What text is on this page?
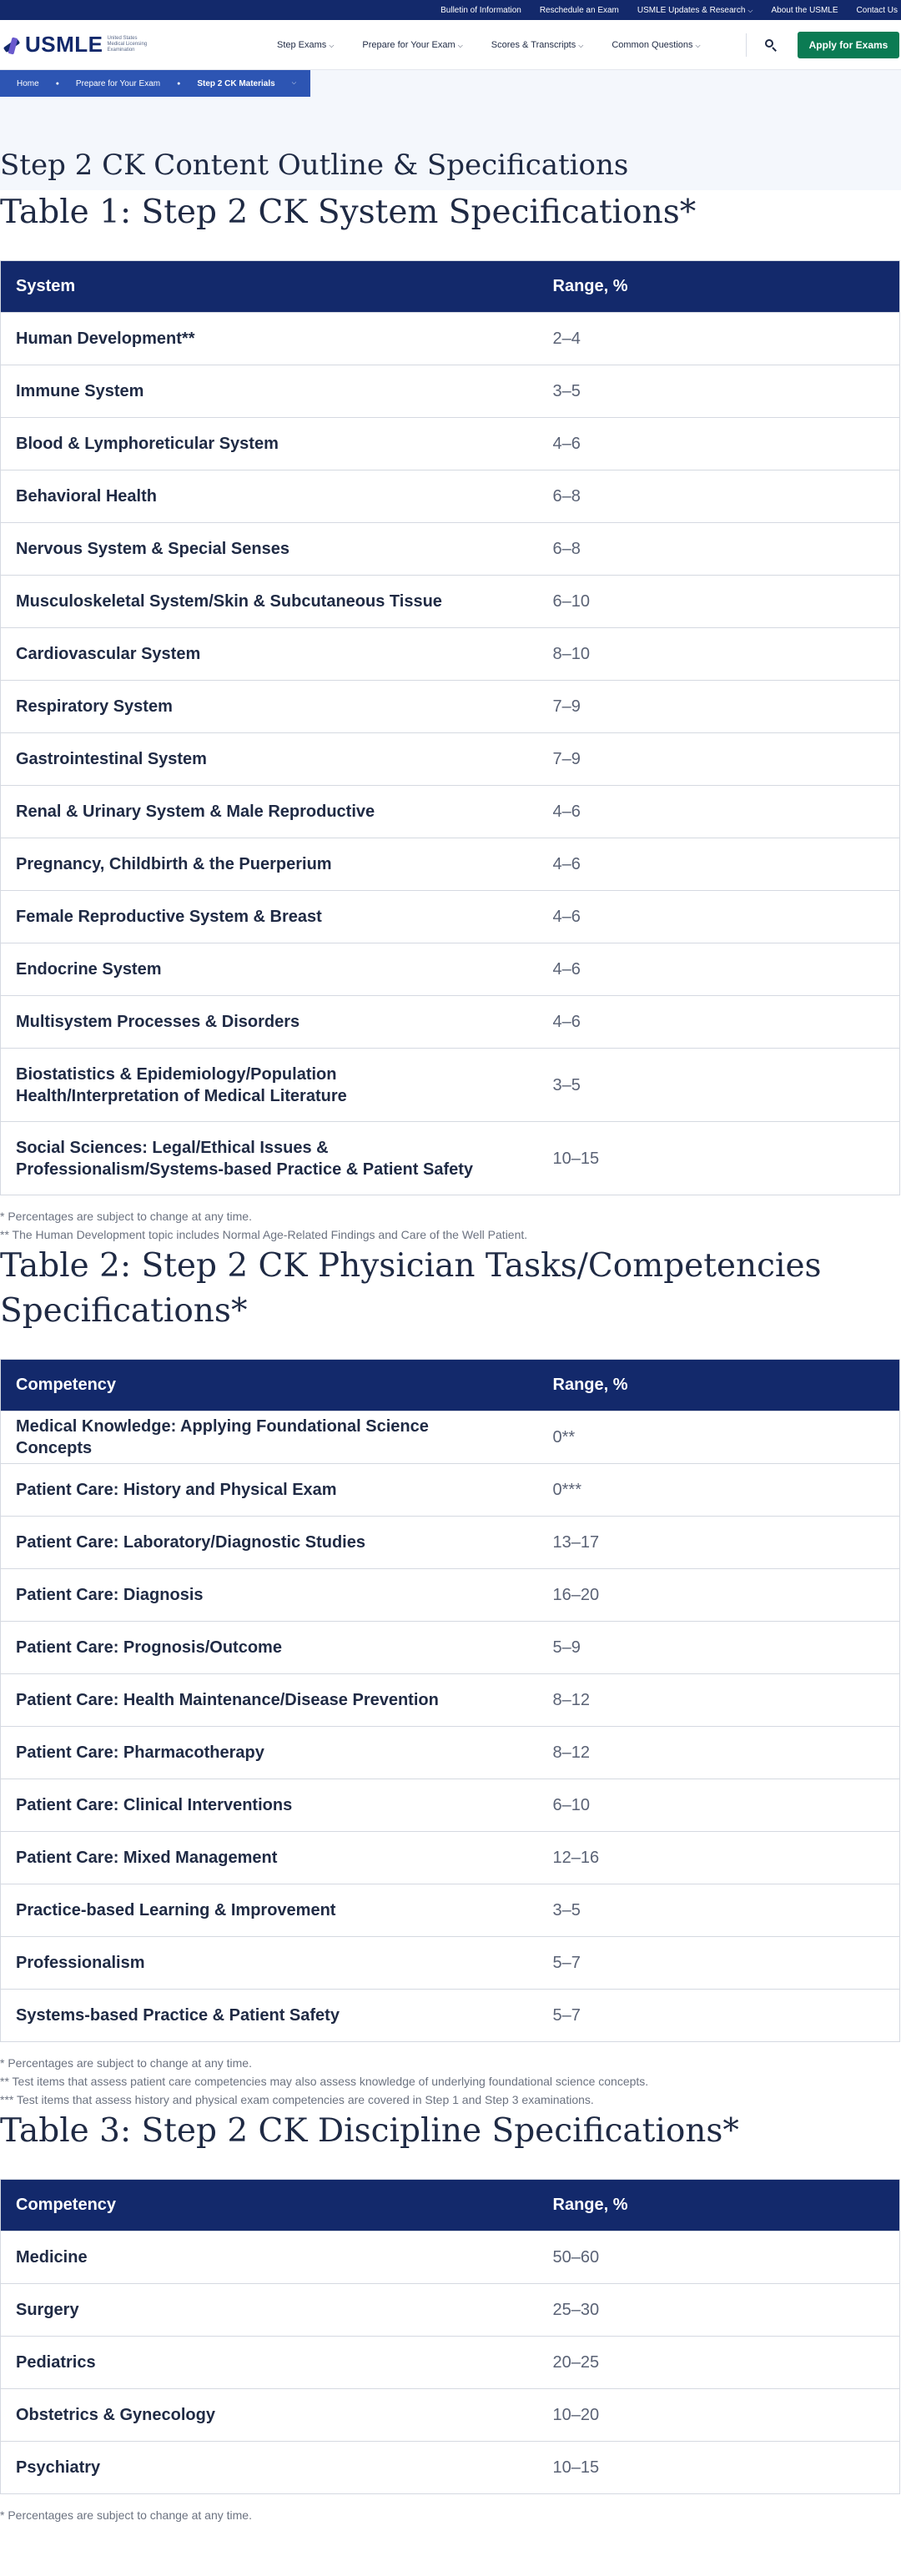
Bulletin of Information Reschedule an Exam USMLE Updates & Research ⌵ About the USMLE Contact Us
USMLE United States Medical Licensing Examination
Step Exams ⌵	Prepare for Your Exam ⌵	Scores & Transcripts ⌵	Common Questions ⌵	Apply for Exams
Home	● Prepare for Your Exam	● Step 2 CK Materials	⌵
Step 2 CK Content Outline & Specifications
Table 1: Step 2 CK System Specifications*
System	Range, %
Human Development**	2–4
Immune System	3–5
Blood & Lymphoreticular System	4–6
Behavioral Health	6–8
Nervous System & Special Senses	6–8
Musculoskeletal System/Skin & Subcutaneous Tissue	6–10
Cardiovascular System	8–10
Respiratory System	7–9
Gastrointestinal System	7–9
Renal & Urinary System & Male Reproductive	4–6
Pregnancy, Childbirth & the Puerperium	4–6
Female Reproductive System & Breast	4–6
Endocrine System	4–6
Multisystem Processes & Disorders	4–6
Biostatistics & Epidemiology/Population Health/Interpretation of Medical Literature	3–5
Social Sciences: Legal/Ethical Issues & Professionalism/Systems-based Practice & Patient Safety	10–15

* Percentages are subject to change at any time.

** The Human Development topic includes Normal Age-Related Findings and Care of the Well Patient.

Table 2: Step 2 CK Physician Tasks/Competencies Specifications*
Competency	Range, %
Medical Knowledge: Applying Foundational Science Concepts	0**
Patient Care: History and Physical Exam	0***
Patient Care: Laboratory/Diagnostic Studies	13–17
Patient Care: Diagnosis	16–20
Patient Care: Prognosis/Outcome	5–9
Patient Care: Health Maintenance/Disease Prevention	8–12
Patient Care: Pharmacotherapy	8–12
Patient Care: Clinical Interventions	6–10
Patient Care: Mixed Management	12–16
Practice-based Learning & Improvement	3–5
Professionalism	5–7
Systems-based Practice & Patient Safety	5–7

* Percentages are subject to change at any time.

** Test items that assess patient care competencies may also assess knowledge of underlying foundational science concepts.

*** Test items that assess history and physical exam competencies are covered in Step 1 and Step 3 examinations.

Table 3: Step 2 CK Discipline Specifications*
Competency	Range, %
Medicine	50–60
Surgery	25–30
Pediatrics	20–25
Obstetrics & Gynecology	10–20
Psychiatry	10–15

* Percentages are subject to change at any time.
